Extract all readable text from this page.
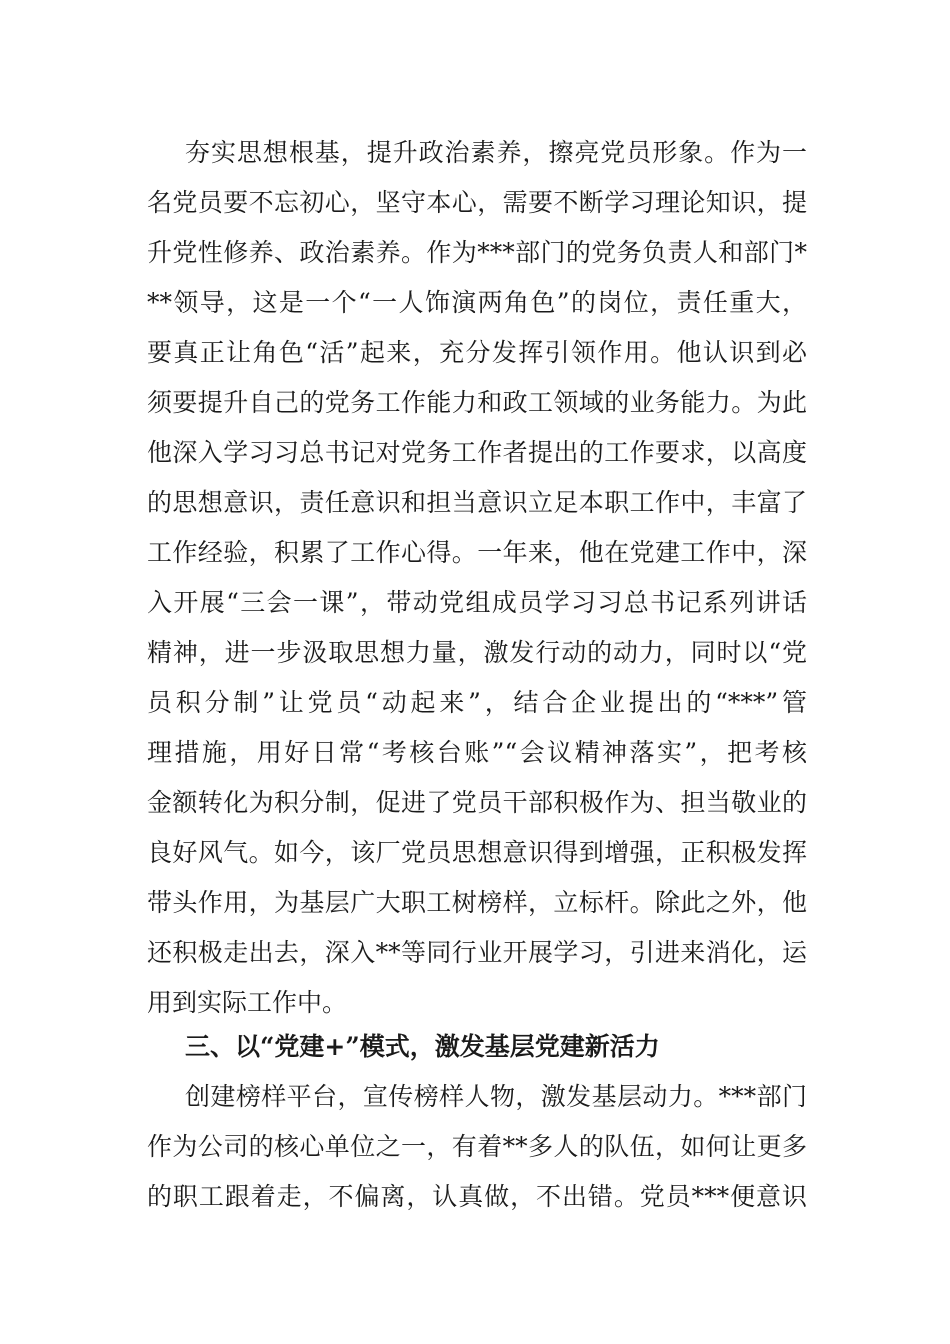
夯实思想根基，提升政治素养，擦亮党员形象。作为一
名党员要不忘初心，坚守本心，需要不断学习理论知识，提
升党性修养、政治素养。作为***部门的党务负责人和部门*
**领导，这是一个“一人饰演两角色”的岗位，责任重大，
要真正让角色“活”起来，充分发挥引领作用。他认识到必
须要提升自己的党务工作能力和政工领域的业务能力。为此
他深入学习习总书记对党务工作者提出的工作要求，以高度
的思想意识，责任意识和担当意识立足本职工作中，丰富了
工作经验，积累了工作心得。一年来，他在党建工作中，深
入开展“三会一课”，带动党组成员学习习总书记系列讲话
精神，进一步汲取思想力量，激发行动的动力，同时以“党
员积分制”让党员“动起来”，结合企业提出的“***”管
理措施，用好日常“考核台账”“会议精神落实”，把考核
金额转化为积分制，促进了党员干部积极作为、担当敬业的
良好风气。如今，该厂党员思想意识得到增强，正积极发挥
带头作用，为基层广大职工树榜样，立标杆。除此之外，他
还积极走出去，深入**等同行业开展学习，引进来消化，运
用到实际工作中。
三、以“党建+”模式，激发基层党建新活力
创建榜样平台，宣传榜样人物，激发基层动力。***部门
作为公司的核心单位之一，有着**多人的队伍，如何让更多
的职工跟着走，不偏离，认真做，不出错。党员***便意识
